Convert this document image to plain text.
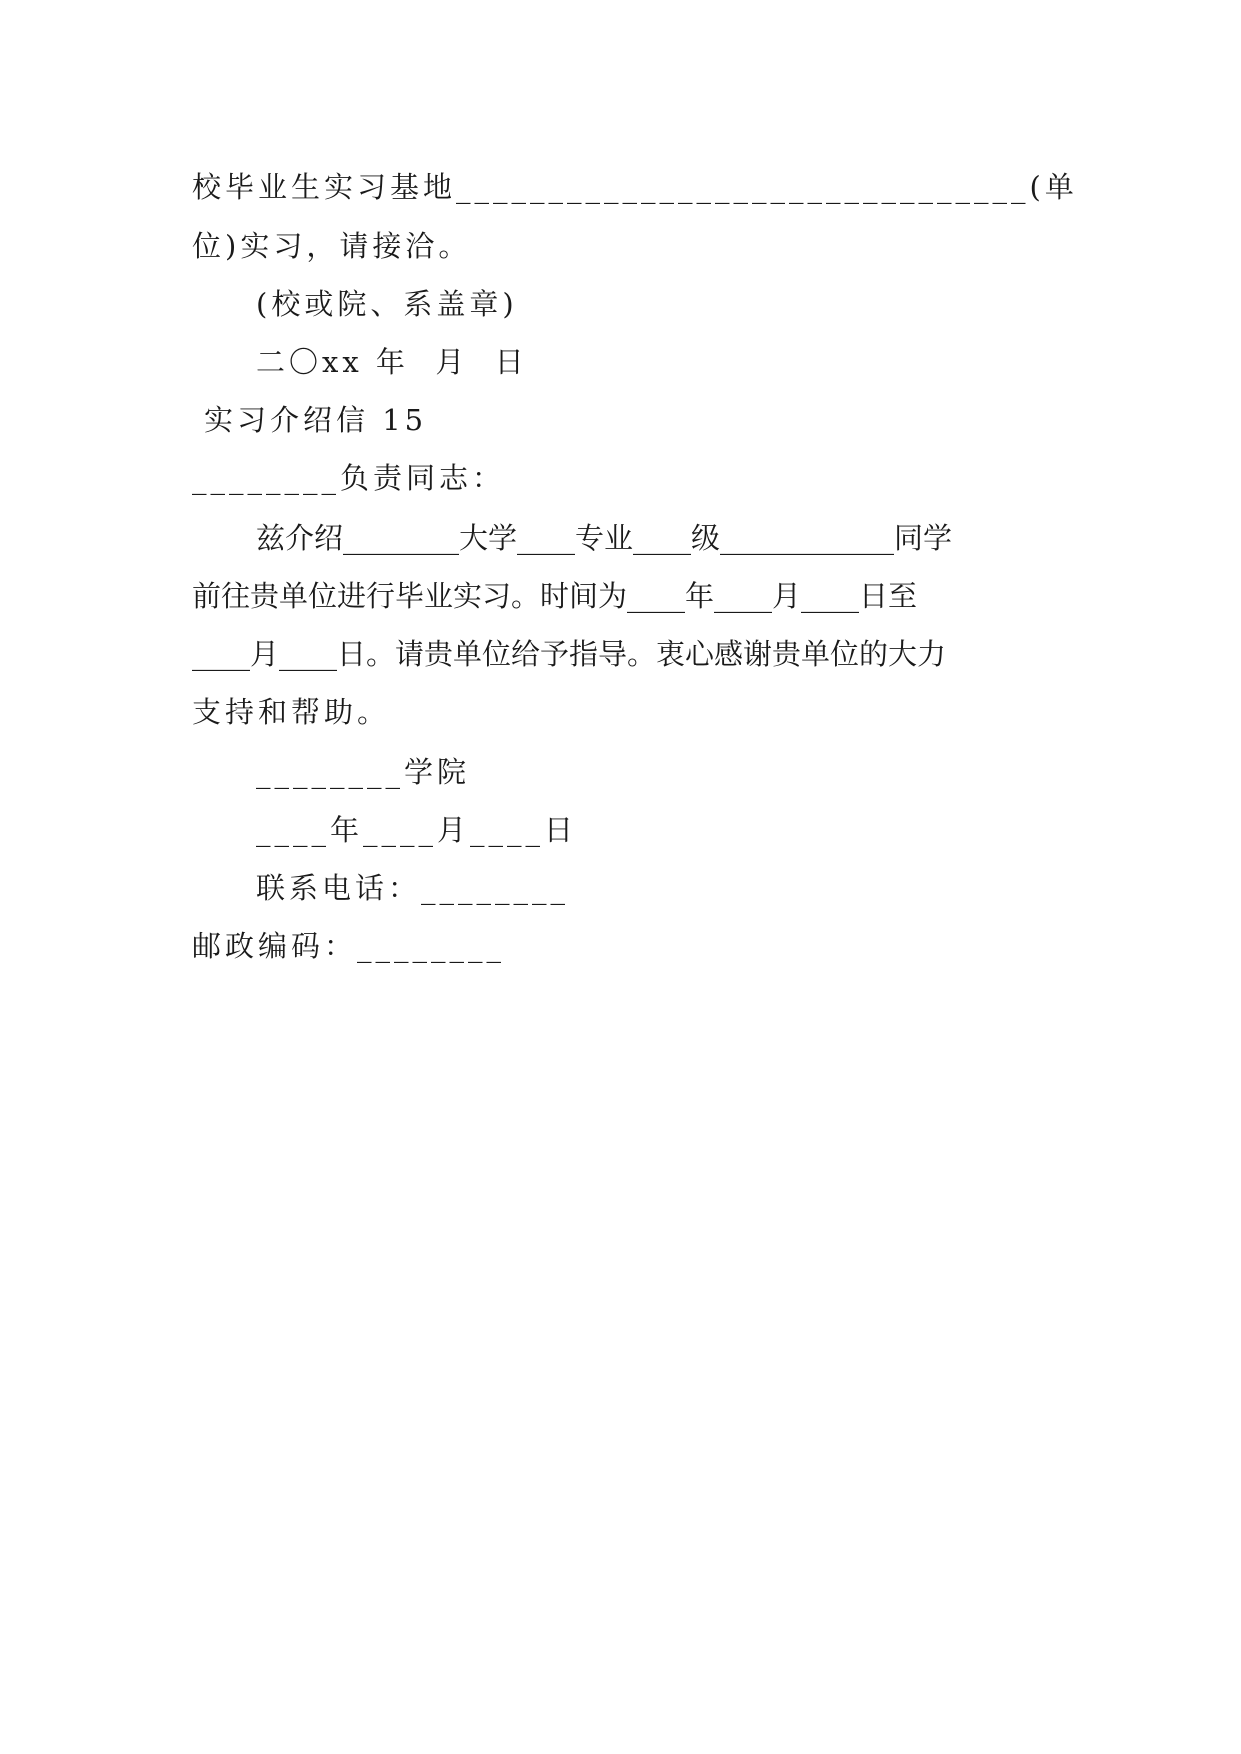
校毕业生实习基地_______________________________(单
位)实习，请接洽。
(校或院、系盖章)
二〇xx 年  月  日
实习介绍信 15
________负责同志：
兹介绍________大学____专业____级____________同学
前往贵单位进行毕业实习。时间为____年____月____日至
____月____日。请贵单位给予指导。衷心感谢贵单位的大力
支持和帮助。
________学院
____年____月____日
联系电话：________
邮政编码：________
